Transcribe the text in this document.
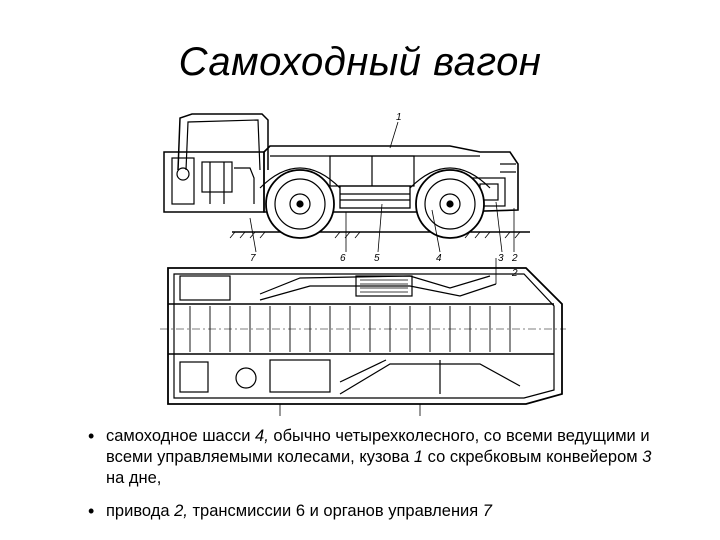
Самоходный вагон
1
7	6	5	4	3 2
2
• самоходное шасси 4, обычно четырехколесного, со всеми ведущими и всеми управляемыми колесами, кузова 1 со скребковым конвейером 3 на дне,
• привода 2, трансмиссии 6 и органов управления 7
